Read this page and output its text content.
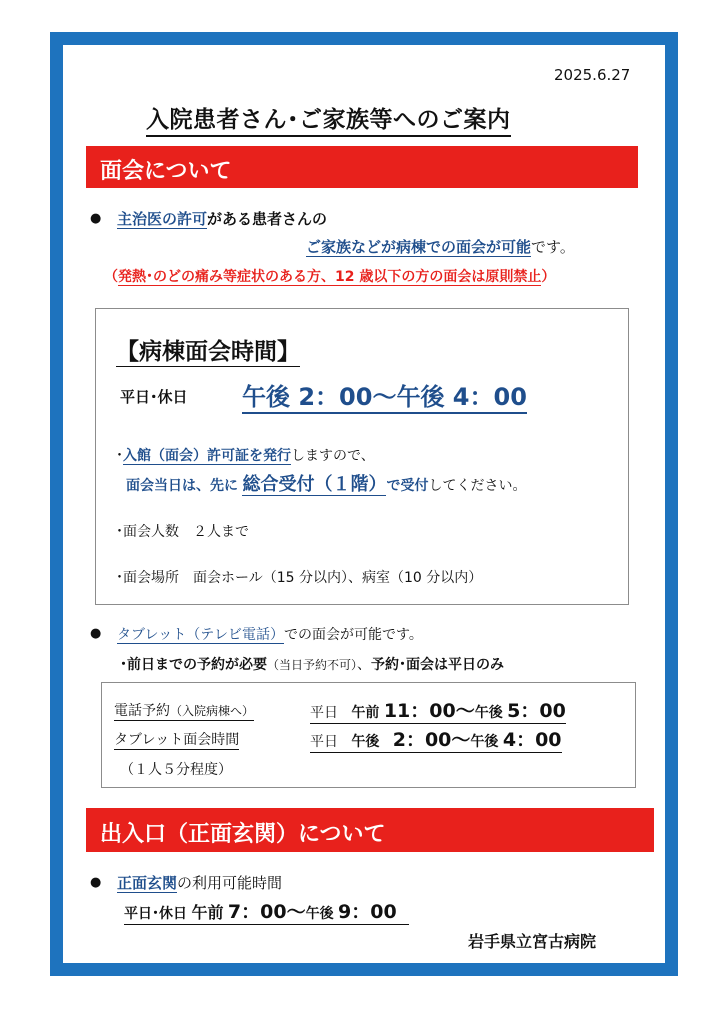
2025.6.27
入院患者さん･ご家族等へのご案内
面会について
● 主治医の許可がある患者さんの
ご家族などが病棟での面会が可能です。
（発熱･のどの痛み等症状のある方、12 歳以下の方の面会は原則禁止）
【病棟面会時間】
平日･休日 午後 2：00～午後 4：00
･入館（面会）許可証を発行しますので、
面会当日は、先に 総合受付（１階）で受付してください。
･面会人数　２人まで
･面会場所　面会ホール（15 分以内）、病室（10 分以内）
● タブレット（テレビ電話）での面会が可能です。
･前日までの予約が必要（当日予約不可）、予約･面会は平日のみ
電話予約（入院病棟へ）	平日 午前 11：00～午後 5：00
タブレット面会時間	平日 午後 2：00～午後 4：00
（１人５分程度）
出入口（正面玄関）について
● 正面玄関の利用可能時間
平日･休日 午前 7：00～午後 9：00
岩手県立宮古病院
